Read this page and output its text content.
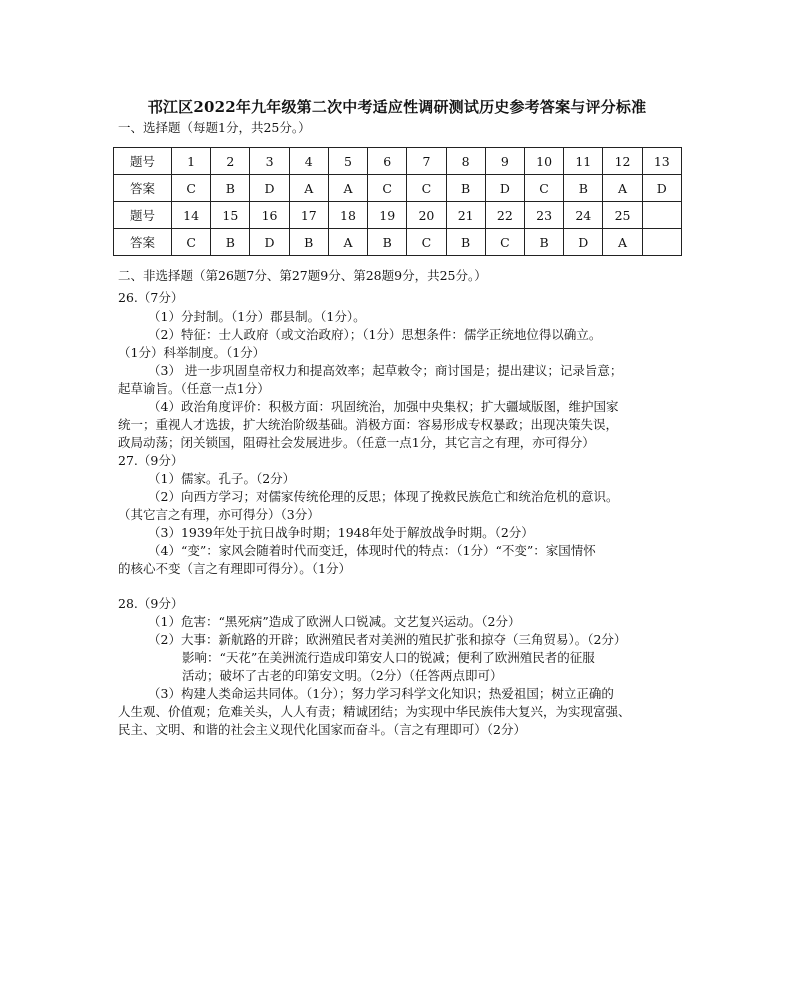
邗江区2022年九年级第二次中考适应性调研测试历史参考答案与评分标准
一、选择题（每题1分，共25分。）
题号	1	2	3	4	5	6	7	8	9	10	11	12	13
答案	C	B	D	A	A	C	C	B	D	C	B	A	D
题号	14	15	16	17	18	19	20	21	22	23	24	25	
答案	C	B	D	B	A	B	C	B	C	B	D	A	
二、非选择题（第26题7分、第27题9分、第28题9分，共25分。）
26.（7分）
（1）分封制。（1分）郡县制。（1分）。
（2）特征：士人政府（或文治政府）；（1分）思想条件：儒学正统地位得以确立。
（1分）科举制度。（1分）
（3） 进一步巩固皇帝权力和提高效率；起草敕令；商讨国是；提出建议；记录旨意；
起草谕旨。（任意一点1分）
（4）政治角度评价：积极方面：巩固统治，加强中央集权；扩大疆域版图，维护国家
统一；重视人才选拔，扩大统治阶级基础。消极方面：容易形成专权暴政；出现决策失误，
政局动荡；闭关锁国，阻碍社会发展进步。（任意一点1分，其它言之有理，亦可得分）
27.（9分）
（1）儒家。孔子。（2分）
（2）向西方学习；对儒家传统伦理的反思；体现了挽救民族危亡和统治危机的意识。
（其它言之有理，亦可得分）（3分）
（3）1939年处于抗日战争时期；1948年处于解放战争时期。（2分）
（4）“变”：家风会随着时代而变迁，体现时代的特点：（1分）“不变”：家国情怀
的核心不变（言之有理即可得分）。（1分）
28.（9分）
（1）危害：“黑死病”造成了欧洲人口锐减。文艺复兴运动。（2分）
（2）大事：新航路的开辟；欧洲殖民者对美洲的殖民扩张和掠夺（三角贸易）。（2分）
影响：“天花”在美洲流行造成印第安人口的锐减；便利了欧洲殖民者的征服
活动；破坏了古老的印第安文明。（2分）（任答两点即可）
（3）构建人类命运共同体。（1分）；努力学习科学文化知识；热爱祖国；树立正确的
人生观、价值观；危难关头，人人有责；精诚团结；为实现中华民族伟大复兴，为实现富强、
民主、文明、和谐的社会主义现代化国家而奋斗。（言之有理即可）（2分）
